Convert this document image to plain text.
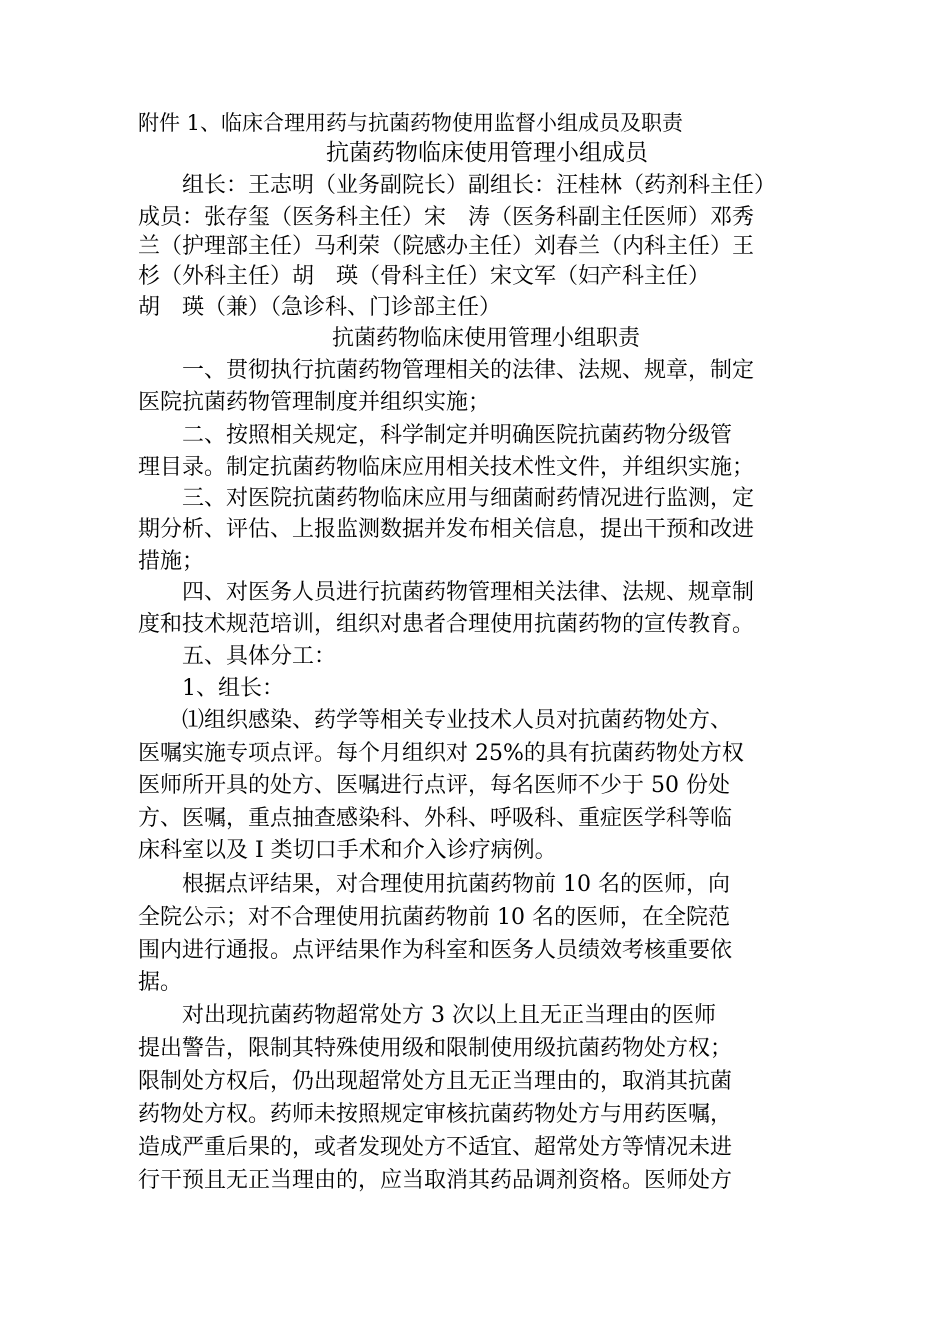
附件 1、临床合理用药与抗菌药物使用监督小组成员及职责
抗菌药物临床使用管理小组成员
组长：王志明（业务副院长）副组长：汪桂林（药剂科主任）
成员：张存玺（医务科主任）宋　涛（医务科副主任医师）邓秀
兰（护理部主任）马利荣（院感办主任）刘春兰（内科主任）王
杉（外科主任）胡　瑛（骨科主任）宋文军（妇产科主任）
胡　瑛（兼）（急诊科、门诊部主任）
抗菌药物临床使用管理小组职责
一、贯彻执行抗菌药物管理相关的法律、法规、规章，制定
医院抗菌药物管理制度并组织实施；
二、按照相关规定，科学制定并明确医院抗菌药物分级管
理目录。制定抗菌药物临床应用相关技术性文件，并组织实施；
三、对医院抗菌药物临床应用与细菌耐药情况进行监测，定
期分析、评估、上报监测数据并发布相关信息，提出干预和改进
措施；
四、对医务人员进行抗菌药物管理相关法律、法规、规章制
度和技术规范培训，组织对患者合理使用抗菌药物的宣传教育。
五、具体分工：
1、组长：
⑴组织感染、药学等相关专业技术人员对抗菌药物处方、
医嘱实施专项点评。每个月组织对 25%的具有抗菌药物处方权
医师所开具的处方、医嘱进行点评，每名医师不少于 50 份处
方、医嘱，重点抽查感染科、外科、呼吸科、重症医学科等临
床科室以及 I 类切口手术和介入诊疗病例。
根据点评结果，对合理使用抗菌药物前 10 名的医师，向
全院公示；对不合理使用抗菌药物前 10 名的医师，在全院范
围内进行通报。点评结果作为科室和医务人员绩效考核重要依
据。
对出现抗菌药物超常处方 3 次以上且无正当理由的医师
提出警告，限制其特殊使用级和限制使用级抗菌药物处方权；
限制处方权后，仍出现超常处方且无正当理由的，取消其抗菌
药物处方权。药师未按照规定审核抗菌药物处方与用药医嘱，
造成严重后果的，或者发现处方不适宜、超常处方等情况未进
行干预且无正当理由的，应当取消其药品调剂资格。医师处方
